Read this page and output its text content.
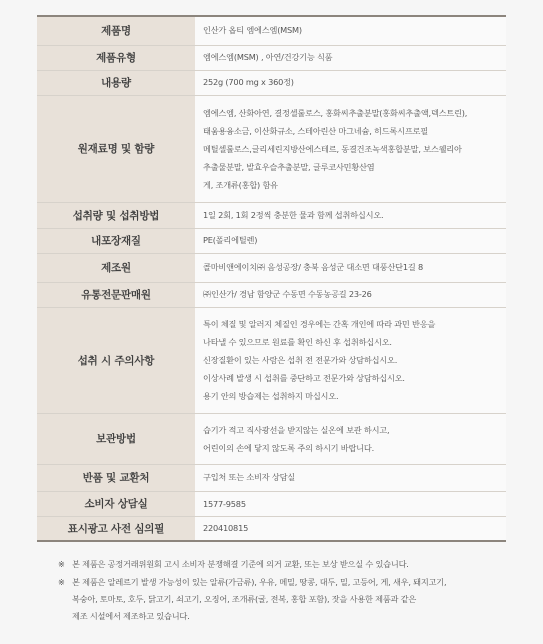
제품명	인산가 옵티 엠에스엠(MSM)
제품유형	엠에스엠(MSM) , 아연/건강기능 식품
내용량	252g (700 mg x 360정)
원재료명 및 함량	엠에스엠, 산화아연, 결정셀룰로스, 홍화씨추출분말(홍화씨추출액,덱스트린),
태움용융소금, 이산화규소, 스테아린산 마그네슘, 히드록시프로필
메틸셀룰로스,글리세린지방산에스테르, 동결건조녹색홍합분말, 보스웰리아
추출물분말, 발효우슬추출분말, 글루코사민황산염
게, 조개류(홍합) 함유

섭취량 및 섭취방법	1일 2회, 1회 2정씩 충분한 물과 함께 섭취하십시오.
내포장재질	PE(폴리에틸렌)
제조원	콜마비앤에이치㈜ 음성공장/ 충북 음성군 대소면 대풍산단1길 8
유통전문판매원	㈜인산가/ 경남 함양군 수동면 수동농공길 23-26
섭취 시 주의사항	특이 체질 및 알러지 체질인 경우에는 간혹 개인에 따라 과민 반응을
나타낼 수 있으므로 원료를 확인 하신 후 섭취하십시오.
신장질환이 있는 사람은 섭취 전 전문가와 상담하십시오.
이상사례 발생 시 섭취를 중단하고 전문가와 상담하십시오.
용기 안의 방습제는 섭취하지 마십시오.

보관방법	습기가 적고 직사광선을 받지않는 실온에 보관 하시고,
어린이의 손에 닿지 않도록 주의 하시기 바랍니다.

반품 및 교환처	구입처 또는 소비자 상담실
소비자 상담실	1577-9585
표시광고 사전 심의필	220410815
※ 본 제품은 공정거래위원회 고시 소비자 분쟁해결 기준에 의거 교환, 또는 보상 받으실 수 있습니다.
※ 본 제품은 알레르기 발생 가능성이 있는 알류(가금류), 우유, 메밀, 땅콩, 대두, 밀, 고등어, 게, 새우, 돼지고기,
복숭아, 토마토, 호두, 닭고기, 쇠고기, 오징어, 조개류(굴, 전복, 홍합 포함), 잣을 사용한 제품과 같은
제조 시설에서 제조하고 있습니다.
